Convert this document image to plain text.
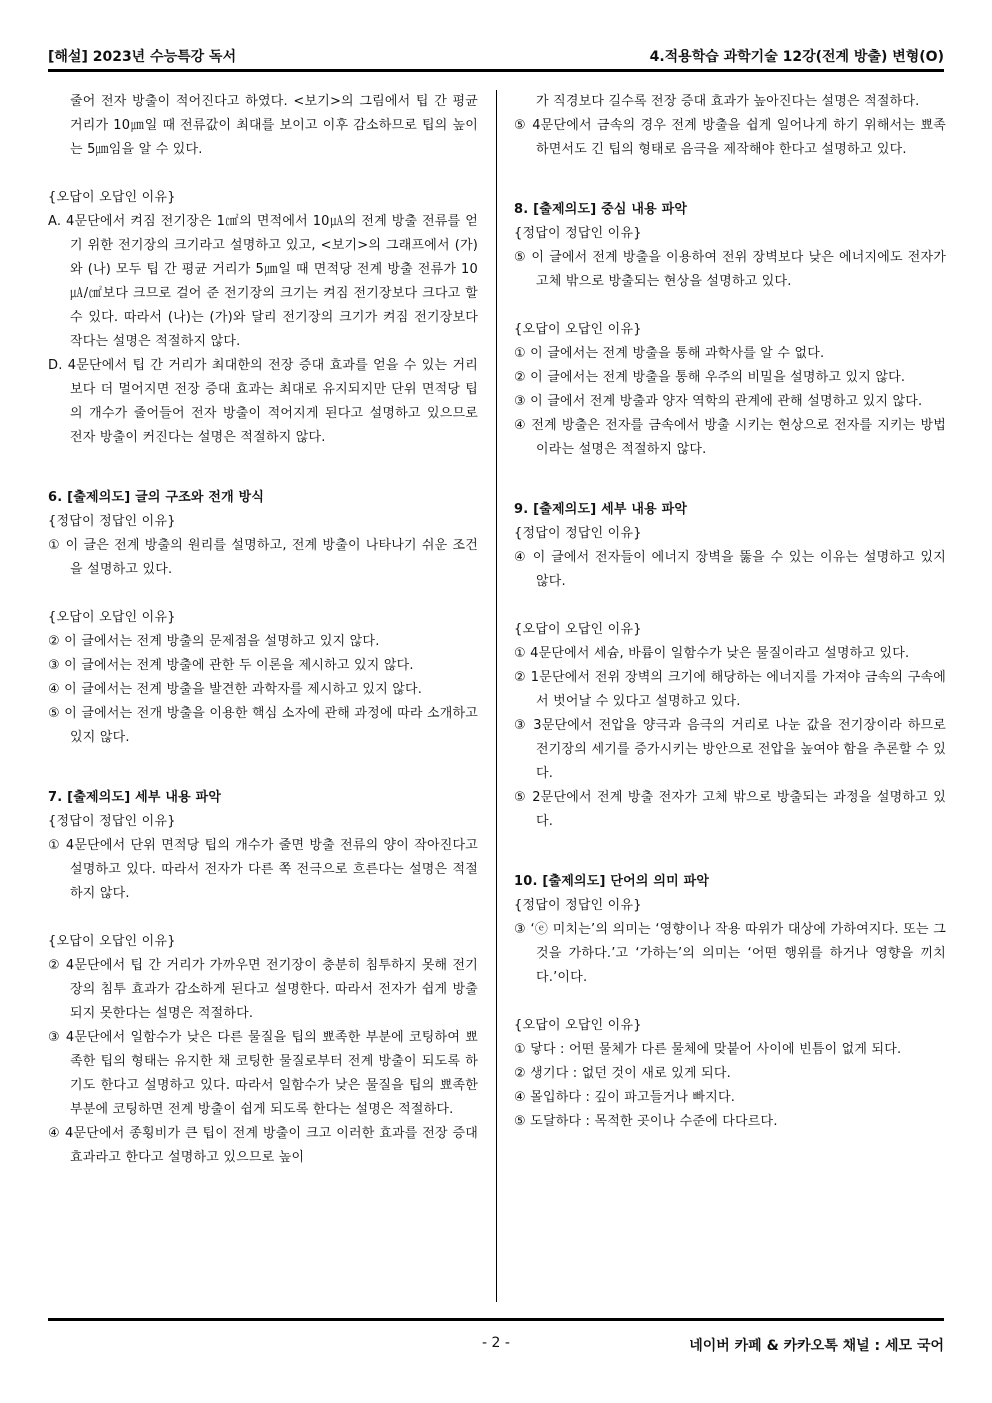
[해설] 2023년 수능특강 독서	4.적용학습 과학기술 12강(전계 방출) 변형(O)

줄어 전자 방출이 적어진다고 하였다. <보기>의 그림에서 팁 간 평균 거리가 10㎛일 때 전류값이 최대를 보이고 이후 감소하므로 팁의 높이는 5㎛임을 알 수 있다.

{오답이 오답인 이유}

A. 4문단에서 켜짐 전기장은 1㎠의 면적에서 10㎂의 전계 방출 전류를 얻기 위한 전기장의 크기라고 설명하고 있고, <보기>의 그래프에서 (가)와 (나) 모두 팁 간 평균 거리가 5㎛일 때 면적당 전계 방출 전류가 10㎂/㎠보다 크므로 걸어 준 전기장의 크기는 켜짐 전기장보다 크다고 할 수 있다. 따라서 (나)는 (가)와 달리 전기장의 크기가 켜짐 전기장보다 작다는 설명은 적절하지 않다.

D. 4문단에서 팁 간 거리가 최대한의 전장 증대 효과를 얻을 수 있는 거리보다 더 멀어지면 전장 증대 효과는 최대로 유지되지만 단위 면적당 팁의 개수가 줄어들어 전자 방출이 적어지게 된다고 설명하고 있으므로 전자 방출이 커진다는 설명은 적절하지 않다.

6. [출제의도] 글의 구조와 전개 방식

{정답이 정답인 이유}

① 이 글은 전계 방출의 원리를 설명하고, 전계 방출이 나타나기 쉬운 조건을 설명하고 있다.

{오답이 오답인 이유}

② 이 글에서는 전계 방출의 문제점을 설명하고 있지 않다.

③ 이 글에서는 전계 방출에 관한 두 이론을 제시하고 있지 않다.

④ 이 글에서는 전계 방출을 발견한 과학자를 제시하고 있지 않다.

⑤ 이 글에서는 전개 방출을 이용한 핵심 소자에 관해 과정에 따라 소개하고 있지 않다.

7. [출제의도] 세부 내용 파악

{정답이 정답인 이유}

① 4문단에서 단위 면적당 팁의 개수가 줄면 방출 전류의 양이 작아진다고 설명하고 있다. 따라서 전자가 다른 쪽 전극으로 흐른다는 설명은 적절하지 않다.

{오답이 오답인 이유}

② 4문단에서 팁 간 거리가 가까우면 전기장이 충분히 침투하지 못해 전기장의 침투 효과가 감소하게 된다고 설명한다. 따라서 전자가 쉽게 방출되지 못한다는 설명은 적절하다.

③ 4문단에서 일함수가 낮은 다른 물질을 팁의 뾰족한 부분에 코팅하여 뾰족한 팁의 형태는 유지한 채 코팅한 물질로부터 전계 방출이 되도록 하기도 한다고 설명하고 있다. 따라서 일함수가 낮은 물질을 팁의 뾰족한 부분에 코팅하면 전계 방출이 쉽게 되도록 한다는 설명은 적절하다.

④ 4문단에서 종횡비가 큰 팁이 전계 방출이 크고 이러한 효과를 전장 증대 효과라고 한다고 설명하고 있으므로 높이

가 직경보다 길수록 전장 증대 효과가 높아진다는 설명은 적절하다.

⑤ 4문단에서 금속의 경우 전계 방출을 쉽게 일어나게 하기 위해서는 뾰족하면서도 긴 팁의 형태로 음극을 제작해야 한다고 설명하고 있다.

8. [출제의도] 중심 내용 파악

{정답이 정답인 이유}

⑤ 이 글에서 전계 방출을 이용하여 전위 장벽보다 낮은 에너지에도 전자가 고체 밖으로 방출되는 현상을 설명하고 있다.

{오답이 오답인 이유}

① 이 글에서는 전계 방출을 통해 과학사를 알 수 없다.

② 이 글에서는 전계 방출을 통해 우주의 비밀을 설명하고 있지 않다.

③ 이 글에서 전계 방출과 양자 역학의 관계에 관해 설명하고 있지 않다.

④ 전계 방출은 전자를 금속에서 방출 시키는 현상으로 전자를 지키는 방법이라는 설명은 적절하지 않다.

9. [출제의도] 세부 내용 파악

{정답이 정답인 이유}

④ 이 글에서 전자들이 에너지 장벽을 뚫을 수 있는 이유는 설명하고 있지 않다.

{오답이 오답인 이유}

① 4문단에서 세슘, 바륨이 일함수가 낮은 물질이라고 설명하고 있다.

② 1문단에서 전위 장벽의 크기에 해당하는 에너지를 가져야 금속의 구속에서 벗어날 수 있다고 설명하고 있다.

③ 3문단에서 전압을 양극과 음극의 거리로 나눈 값을 전기장이라 하므로 전기장의 세기를 증가시키는 방안으로 전압을 높여야 함을 추론할 수 있다.

⑤ 2문단에서 전계 방출 전자가 고체 밖으로 방출되는 과정을 설명하고 있다.

10. [출제의도] 단어의 의미 파악

{정답이 정답인 이유}

③ ‘ⓔ 미치는’의 의미는 ‘영향이나 작용 따위가 대상에 가하여지다. 또는 그것을 가하다.’고 ‘가하는’의 의미는 ‘어떤 행위를 하거나 영향을 끼치다.’이다.

{오답이 오답인 이유}

① 닿다 : 어떤 물체가 다른 물체에 맞붙어 사이에 빈틈이 없게 되다.

② 생기다 : 없던 것이 새로 있게 되다.

④ 몰입하다 : 깊이 파고들거나 빠지다.

⑤ 도달하다 : 목적한 곳이나 수준에 다다르다.

- 2 -	네이버 카페 & 카카오톡 채널 : 세모 국어
